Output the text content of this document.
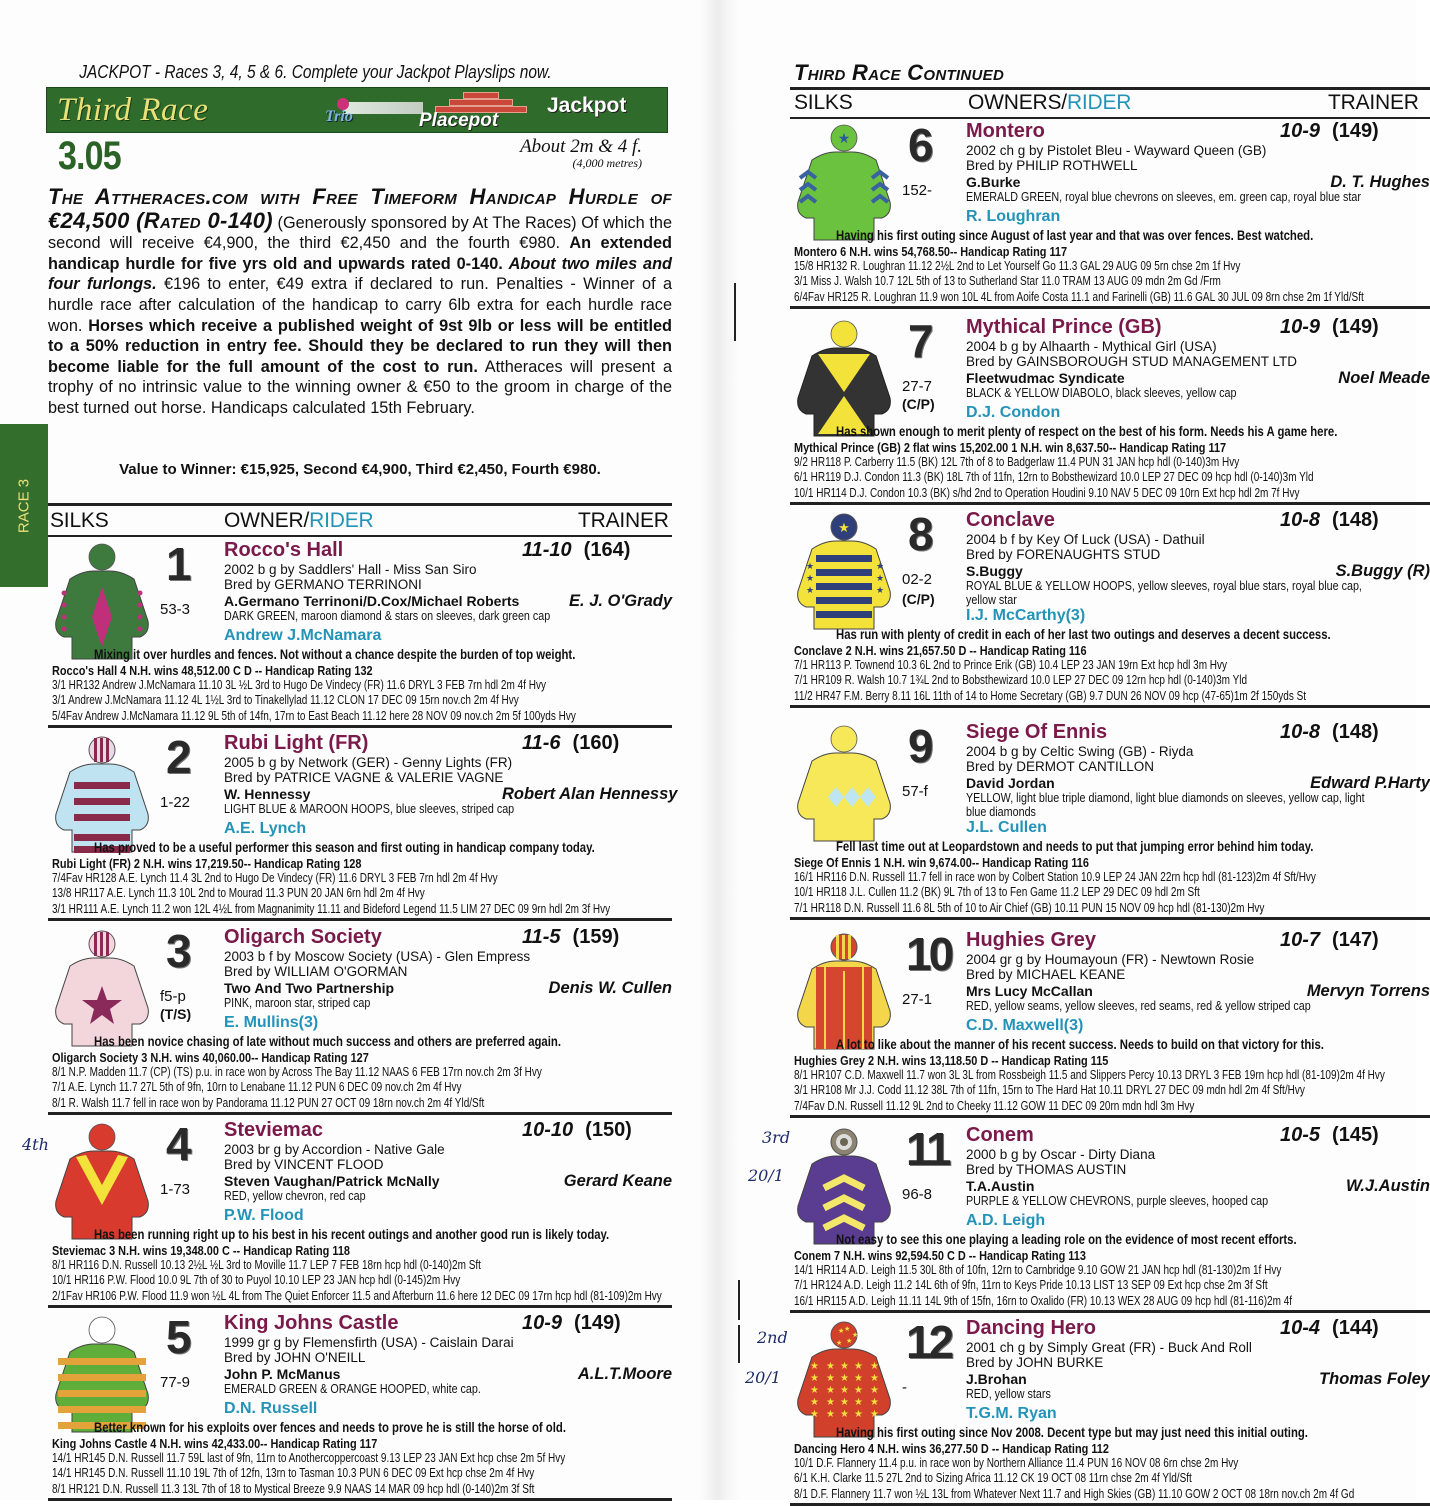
JACKPOT - Races 3, 4, 5 & 6. Complete your Jackpot Playslips now.
Third Race	Trio	Placepot
Jackpot
3.05	About 2m & 4 f.
(4,000 metres)
The Attheraces.com with Free Timeform Handicap Hurdle of €24,500 (Rated 0-140) (Generously sponsored by At The Races) Of which the second will receive €4,900, the third €2,450 and the fourth €980. An extended handicap hurdle for five yrs old and upwards rated 0-140. About two miles and four furlongs. €196 to enter, €49 extra if declared to run. Penalties - Winner of a hurdle race after calculation of the handicap to carry 6lb extra for each hurdle race won. Horses which receive a published weight of 9st 9lb or less will be entitled to a 50% reduction in entry fee. Should they be declared to run they will then become liable for the full amount of the cost to run. Attheraces will present a trophy of no intrinsic value to the winning owner & €50 to the groom in charge of the best turned out horse. Handicaps calculated 15th February.
Value to Winner: €15,925, Second €4,900, Third €2,450, Fourth €980.
RACE 3 SILKS	OWNER/RIDER	TRAINER
1 Rocco's Hall	11-10 (164)
2002 b g by Saddlers' Hall - Miss San Siro
Bred by GERMANO TERRINONI
A.Germano Terrinoni/D.Cox/Michael Roberts	E. J. O'Grady
53-3	DARK GREEN, maroon diamond & stars on sleeves, dark green cap
Andrew J.McNamara
Mixing it over hurdles and fences. Not without a chance despite the burden of top weight.
Rocco's Hall 4 N.H. wins 48,512.00 C D -- Handicap Rating 132
3/1 HR132 Andrew J.McNamara 11.10 3L ½L 3rd to Hugo De Vindecy (FR) 11.6 DRYL 3 FEB 7rn hdl 2m 4f Hvy
3/1 Andrew J.McNamara 11.12 4L 1½L 3rd to Tinakellylad 11.12 CLON 17 DEC 09 15rn nov.ch 2m 4f Hvy
5/4Fav Andrew J.McNamara 11.12 9L 5th of 14fn, 17rn to East Beach 11.12 here 28 NOV 09 nov.ch 2m 5f 100yds Hvy
2 Rubi Light (FR)	11-6 (160)
2005 b g by Network (GER) - Genny Lights (FR)
Bred by PATRICE VAGNE & VALERIE VAGNE
W. Hennessy	Robert Alan Hennessy
1-22	LIGHT BLUE & MAROON HOOPS, blue sleeves, striped cap
A.E. Lynch
Has proved to be a useful performer this season and first outing in handicap company today.
Rubi Light (FR) 2 N.H. wins 17,219.50-- Handicap Rating 128
7/4Fav HR128 A.E. Lynch 11.4 3L 2nd to Hugo De Vindecy (FR) 11.6 DRYL 3 FEB 7rn hdl 2m 4f Hvy
13/8 HR117 A.E. Lynch 11.3 10L 2nd to Mourad 11.3 PUN 20 JAN 6rn hdl 2m 4f Hvy
3/1 HR111 A.E. Lynch 11.2 won 12L 4½L from Magnanimity 11.11 and Bideford Legend 11.5 LIM 27 DEC 09 9rn hdl 2m 3f Hvy
3 Oligarch Society	11-5 (159)
2003 b f by Moscow Society (USA) - Glen Empress
Bred by WILLIAM O'GORMAN
Two And Two Partnership	Denis W. Cullen
f5-p
(T/S)
PINK, maroon star, striped cap
E. Mullins(3)
Has been novice chasing of late without much success and others are preferred again.
Oligarch Society 3 N.H. wins 40,060.00-- Handicap Rating 127
8/1 N.P. Madden 11.7 (CP) (TS) p.u. in race won by Across The Bay 11.12 NAAS 6 FEB 17rn nov.ch 2m 3f Hvy
7/1 A.E. Lynch 11.7 27L 5th of 9fn, 10rn to Lenabane 11.12 PUN 6 DEC 09 nov.ch 2m 4f Hvy
8/1 R. Walsh 11.7 fell in race won by Pandorama 11.12 PUN 27 OCT 09 18rn nov.ch 2m 4f Yld/Sft
4 Steviemac	10-10 (150)
2003 br g by Accordion - Native Gale
Bred by VINCENT FLOOD
Steven Vaughan/Patrick McNally	Gerard Keane
1-73	RED, yellow chevron, red cap
P.W. Flood
Has been running right up to his best in his recent outings and another good run is likely today.
Steviemac 3 N.H. wins 19,348.00 C -- Handicap Rating 118
8/1 HR116 D.N. Russell 10.13 2½L ½L 3rd to Moville 11.7 LEP 7 FEB 18rn hcp hdl (0-140)2m Sft
10/1 HR116 P.W. Flood 10.0 9L 7th of 30 to Puyol 10.10 LEP 23 JAN hcp hdl (0-145)2m Hvy
2/1Fav HR106 P.W. Flood 11.9 won ½L 4L from The Quiet Enforcer 11.5 and Afterburn 11.6 here 12 DEC 09 17rn hcp hdl (81-109)2m Hvy
5 King Johns Castle	10-9 (149)
1999 gr g by Flemensfirth (USA) - Caislain Darai
Bred by JOHN O'NEILL
John P. McManus	A.L.T.Moore
77-9	EMERALD GREEN & ORANGE HOOPED, white cap.
D.N. Russell
Better known for his exploits over fences and needs to prove he is still the horse of old.
King Johns Castle 4 N.H. wins 42,433.00-- Handicap Rating 117
14/1 HR145 D.N. Russell 11.7 59L last of 9fn, 11rn to Anothercoppercoast 9.13 LEP 23 JAN Ext hcp chse 2m 5f Hvy
14/1 HR145 D.N. Russell 11.10 19L 7th of 12fn, 13rn to Tasman 10.3 PUN 6 DEC 09 Ext hcp chse 2m 4f Hvy
8/1 HR121 D.N. Russell 11.3 13L 7th of 18 to Mystical Breeze 9.9 NAAS 14 MAR 09 hcp hdl (0-140)2m 3f Sft
Third Race Continued
SILKS	OWNERS/RIDER	TRAINER
★ 6 Montero	10-9 (149)
2002 ch g by Pistolet Bleu - Wayward Queen (GB)
Bred by PHILIP ROTHWELL
G.Burke	D. T. Hughes
152-	EMERALD GREEN, royal blue chevrons on sleeves, em. green cap, royal blue star
R. Loughran
Having his first outing since August of last year and that was over fences. Best watched.
Montero 6 N.H. wins 54,768.50-- Handicap Rating 117
15/8 HR132 R. Loughran 11.12 2½L 2nd to Let Yourself Go 11.3 GAL 29 AUG 09 5rn chse 2m 1f Hvy
3/1 Miss J. Walsh 10.7 12L 5th of 13 to Sutherland Star 11.0 TRAM 13 AUG 09 mdn 2m Gd /Frm
6/4Fav HR125 R. Loughran 11.9 won 10L 4L from Aoife Costa 11.1 and Farinelli (GB) 11.6 GAL 30 JUL 09 8rn chse 2m 1f Yld/Sft
7 Mythical Prince (GB)	10-9 (149)
2004 b g by Alhaarth - Mythical Girl (USA)
Bred by GAINSBOROUGH STUD MANAGEMENT LTD
Fleetwudmac Syndicate	Noel Meade
27-7
(C/P)
BLACK & YELLOW DIABOLO, black sleeves, yellow cap
D.J. Condon
Has shown enough to merit plenty of respect on the best of his form. Needs his A game here.
Mythical Prince (GB) 2 flat wins 15,202.00 1 N.H. win 8,637.50-- Handicap Rating 117
9/2 HR118 P. Carberry 11.5 (BK) 12L 7th of 8 to Badgerlaw 11.4 PUN 31 JAN hcp hdl (0-140)3m Hvy
6/1 HR119 D.J. Condon 11.3 (BK) 18L 7th of 11fn, 12rn to Bobsthewizard 10.0 LEP 27 DEC 09 hcp hdl (0-140)3m Yld
10/1 HR114 D.J. Condon 10.3 (BK) s/hd 2nd to Operation Houdini 9.10 NAV 5 DEC 09 10rn Ext hcp hdl 2m 7f Hvy
★
★	★
★	★
★	★
8 Conclave	10-8 (148)
2004 b f by Key Of Luck (USA) - Dathuil
Bred by FORENAUGHTS STUD
S.Buggy	S.Buggy (R)
02-2
(C/P)
ROYAL BLUE & YELLOW HOOPS, yellow sleeves, royal blue stars, royal blue cap, yellow star
I.J. McCarthy(3)
Has run with plenty of credit in each of her last two outings and deserves a decent success.
Conclave 2 N.H. wins 21,657.50 D -- Handicap Rating 116
7/1 HR113 P. Townend 10.3 6L 2nd to Prince Erik (GB) 10.4 LEP 23 JAN 19rn Ext hcp hdl 3m Hvy
7/1 HR109 R. Walsh 10.7 1¾L 2nd to Bobsthewizard 10.0 LEP 27 DEC 09 12rn hcp hdl (0-140)3m Yld
11/2 HR47 F.M. Berry 8.11 16L 11th of 14 to Home Secretary (GB) 9.7 DUN 26 NOV 09 hcp (47-65)1m 2f 150yds St
9 Siege Of Ennis	10-8 (148)
2004 b g by Celtic Swing (GB) - Riyda
Bred by DERMOT CANTILLON
David Jordan	Edward P.Harty
57-f	YELLOW, light blue triple diamond, light blue diamonds on sleeves, yellow cap, light blue diamonds
J.L. Cullen
Fell last time out at Leopardstown and needs to put that jumping error behind him today.
Siege Of Ennis 1 N.H. win 9,674.00-- Handicap Rating 116
16/1 HR116 D.N. Russell 11.7 fell in race won by Colbert Station 10.9 LEP 24 JAN 22rn hcp hdl (81-123)2m 4f Sft/Hvy
10/1 HR118 J.L. Cullen 11.2 (BK) 9L 7th of 13 to Fen Game 11.2 LEP 29 DEC 09 hdl 2m Sft
7/1 HR118 D.N. Russell 11.6 8L 5th of 10 to Air Chief (GB) 10.11 PUN 15 NOV 09 hcp hdl (81-130)2m Hvy
10 Hughies Grey	10-7 (147)
2004 gr g by Houmayoun (FR) - Newtown Rosie
Bred by MICHAEL KEANE
Mrs Lucy McCallan	Mervyn Torrens
27-1	RED, yellow seams, yellow sleeves, red seams, red & yellow striped cap
C.D. Maxwell(3)
A lot to like about the manner of his recent success. Needs to build on that victory for this.
Hughies Grey 2 N.H. wins 13,118.50 D -- Handicap Rating 115
8/1 HR107 C.D. Maxwell 11.7 won 3L 3L from Rossbeigh 11.5 and Slippers Percy 10.13 DRYL 3 FEB 19rn hcp hdl (81-109)2m 4f Hvy
3/1 HR108 Mr J.J. Codd 11.12 38L 7th of 11fn, 15rn to The Hard Hat 10.11 DRYL 27 DEC 09 mdn hdl 2m 4f Sft/Hvy
7/4Fav D.N. Russell 11.12 9L 2nd to Cheeky 11.12 GOW 11 DEC 09 20rn mdn hdl 3m Hvy
11 Conem	10-5 (145)
2000 b g by Oscar - Dirty Diana
Bred by THOMAS AUSTIN
T.A.Austin	W.J.Austin
96-8	PURPLE & YELLOW CHEVRONS, purple sleeves, hooped cap
A.D. Leigh
Not easy to see this one playing a leading role on the evidence of most recent efforts.
Conem 7 N.H. wins 92,594.50 C D -- Handicap Rating 113
14/1 HR114 A.D. Leigh 11.5 30L 8th of 10fn, 12rn to Carnbridge 9.10 GOW 21 JAN hcp hdl (81-130)2m 1f Hvy
7/1 HR124 A.D. Leigh 11.2 14L 6th of 9fn, 11rn to Keys Pride 10.13 LIST 13 SEP 09 Ext hcp chse 2m 3f Sft
16/1 HR115 A.D. Leigh 11.11 14L 9th of 15fn, 16rn to Oxalido (FR) 10.13 WEX 28 AUG 09 hcp hdl (81-116)2m 4f
★
★
★
★
★
★ ★ ★ ★ ★
★ ★ ★ ★ ★
★ ★ ★ ★ ★
★ ★ ★ ★ ★
★ ★ ★ ★ ★
12 Dancing Hero	10-4 (144)
2001 ch g by Simply Great (FR) - Buck And Roll
Bred by JOHN BURKE
J.Brohan	Thomas Foley
-	RED, yellow stars
T.G.M. Ryan
Having his first outing since Nov 2008. Decent type but may just need this initial outing.
Dancing Hero 4 N.H. wins 36,277.50 D -- Handicap Rating 112
10/1 D.F. Flannery 11.4 p.u. in race won by Northern Alliance 11.4 PUN 16 NOV 08 6rn chse 2m Hvy
6/1 K.H. Clarke 11.5 27L 2nd to Sizing Africa 11.12 CK 19 OCT 08 11rn chse 2m 4f Yld/Sft
8/1 D.F. Flannery 11.7 won ½L 13L from Whatever Next 11.7 and High Skies (GB) 11.10 GOW 2 OCT 08 18rn nov.ch 2m 4f Gd
4th	3rd
20/1
2nd
20/1
